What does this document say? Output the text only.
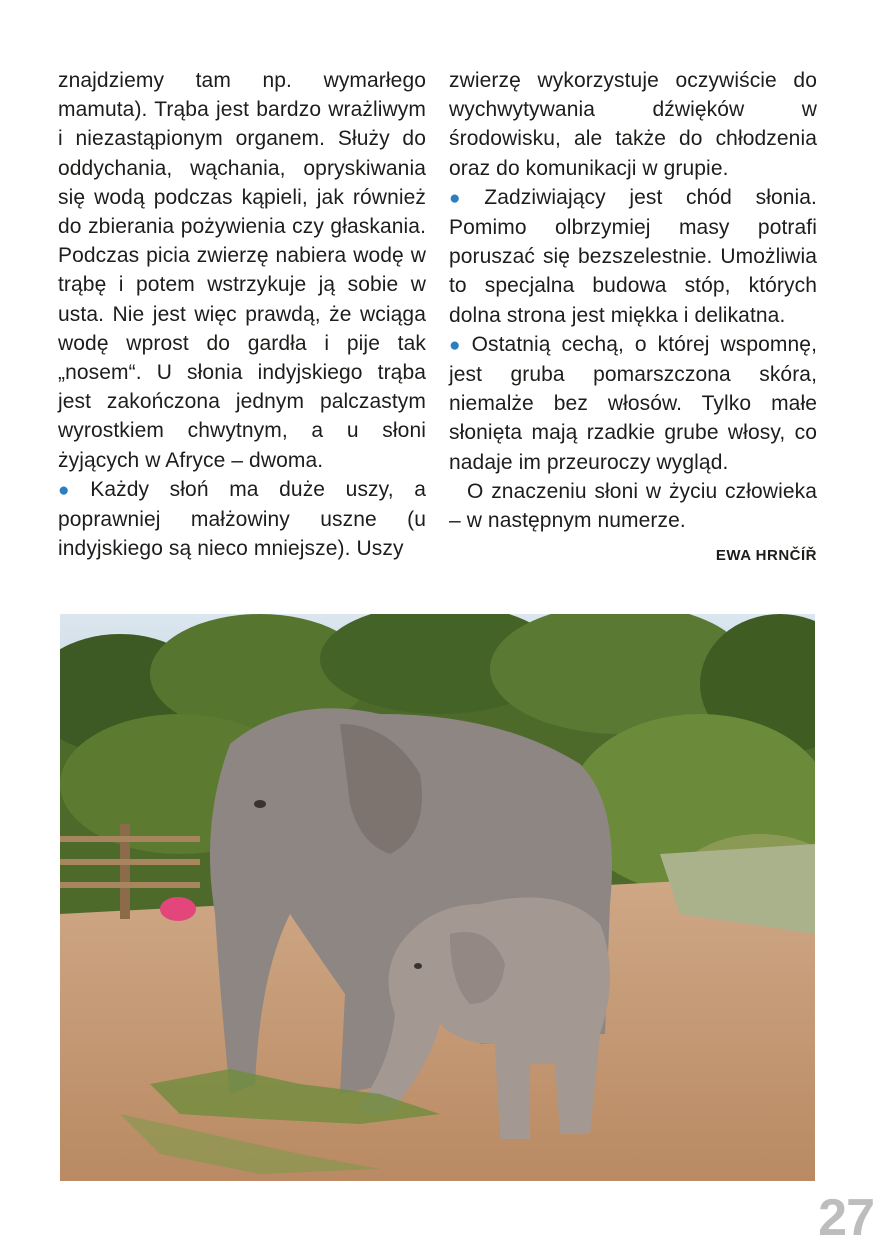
znajdziemy tam np. wymarłego mamuta). Trąba jest bardzo wrażliwym i niezastąpionym organem. Służy do oddychania, wąchania, opryskiwania się wodą podczas kąpieli, jak również do zbierania pożywienia czy głaskania. Podczas picia zwierzę nabiera wodę w trąbę i potem wstrzykuje ją sobie w usta. Nie jest więc prawdą, że wciąga wodę wprost do gardła i pije tak „nosem“. U słonia indyjskiego trąba jest zakończona jednym palczastym wyrostkiem chwytnym, a u słoni żyjących w Afryce – dwoma.

● Każdy słoń ma duże uszy, a poprawniej małżowiny uszne (u indyjskiego są nieco mniejsze). Uszy

zwierzę wykorzystuje oczywiście do wychwytywania dźwięków w środowisku, ale także do chłodzenia oraz do komunikacji w grupie.

● Zadziwiający jest chód słonia. Pomimo olbrzymiej masy potrafi poruszać się bezszelestnie. Umożliwia to specjalna budowa stóp, których dolna strona jest miękka i delikatna.

● Ostatnią cechą, o której wspomnę, jest gruba pomarszczona skóra, niemalże bez włosów. Tylko małe słonięta mają rzadkie grube włosy, co nadaje im przeuroczy wygląd.

O znaczeniu słoni w życiu człowieka – w następnym numerze.

EWA HRNČÍŘ
27
